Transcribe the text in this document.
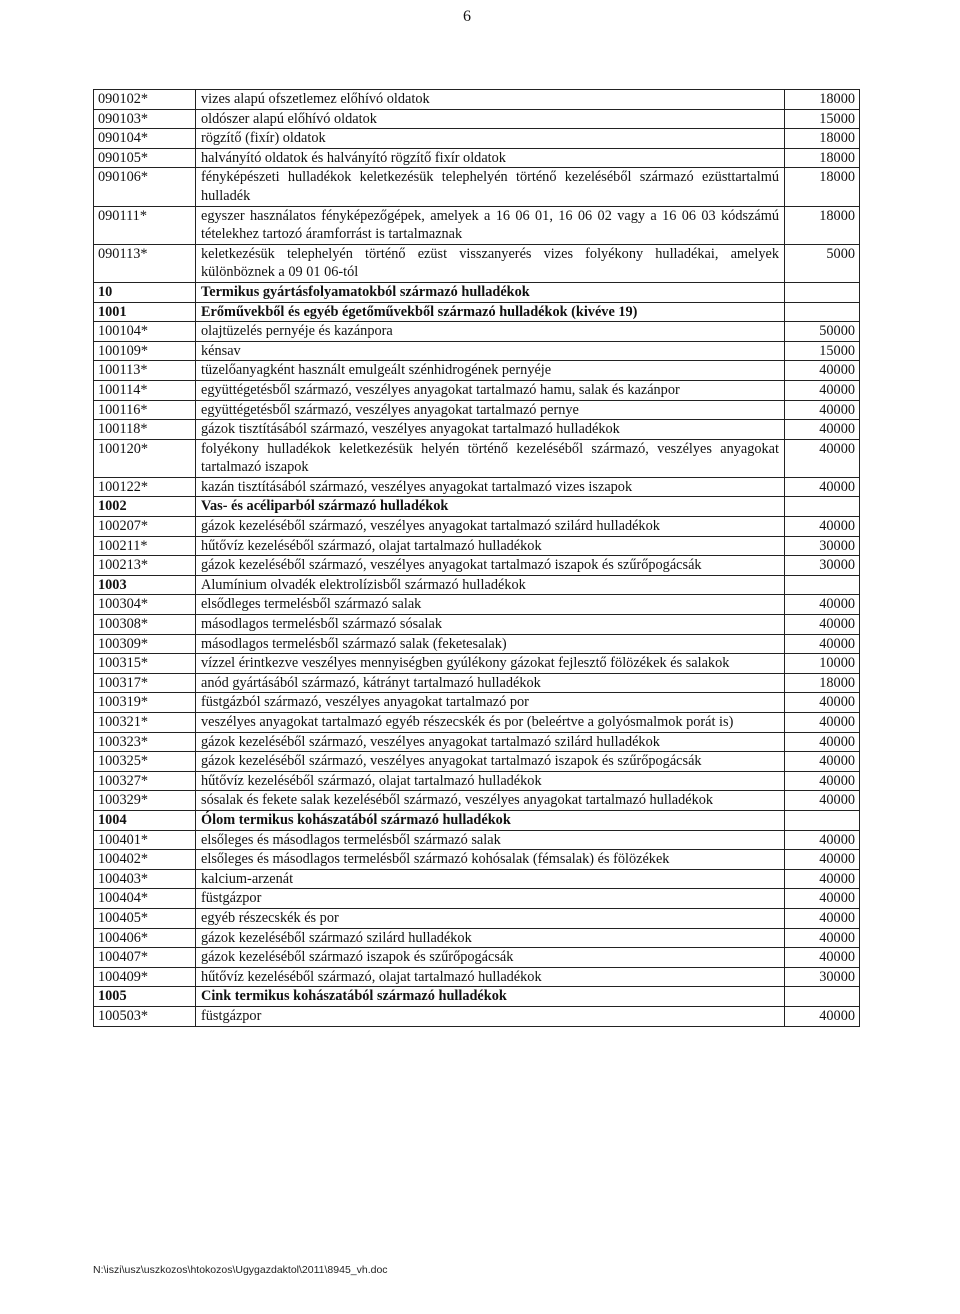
6
090102*	vizes alapú ofszetlemez előhívó oldatok	18000
090103*	oldószer alapú előhívó oldatok	15000
090104*	rögzítő (fixír) oldatok	18000
090105*	halványító oldatok és halványító rögzítő fixír oldatok	18000
090106*	fényképészeti hulladékok keletkezésük telephelyén történő kezeléséből származó ezüsttartalmú hulladék	18000
090111*	egyszer használatos fényképezőgépek, amelyek a 16 06 01, 16 06 02 vagy a 16 06 03 kódszámú tételekhez tartozó áramforrást is tartalmaznak	18000
090113*	keletkezésük telephelyén történő ezüst visszanyerés vizes folyékony hulladékai, amelyek különböznek a 09 01 06-tól	5000
10	Termikus gyártásfolyamatokból származó hulladékok	
1001	Erőművekből és egyéb égetőművekből származó hulladékok (kivéve 19)	
100104*	olajtüzelés pernyéje és kazánpora	50000
100109*	kénsav	15000
100113*	tüzelőanyagként használt emulgeált szénhidrogének pernyéje	40000
100114*	együttégetésből származó, veszélyes anyagokat tartalmazó hamu, salak és kazánpor	40000
100116*	együttégetésből származó, veszélyes anyagokat tartalmazó pernye	40000
100118*	gázok tisztításából származó, veszélyes anyagokat tartalmazó hulladékok	40000
100120*	folyékony hulladékok keletkezésük helyén történő kezeléséből származó, veszélyes anyagokat tartalmazó iszapok	40000
100122*	kazán tisztításából származó, veszélyes anyagokat tartalmazó vizes iszapok	40000
1002	Vas- és acéliparból származó hulladékok	
100207*	gázok kezeléséből származó, veszélyes anyagokat tartalmazó szilárd hulladékok	40000
100211*	hűtővíz kezeléséből származó, olajat tartalmazó hulladékok	30000
100213*	gázok kezeléséből származó, veszélyes anyagokat tartalmazó iszapok és szűrőpogácsák	30000
1003	Alumínium olvadék elektrolízisből származó hulladékok	
100304*	elsődleges termelésből származó salak	40000
100308*	másodlagos termelésből származó sósalak	40000
100309*	másodlagos termelésből származó salak (feketesalak)	40000
100315*	vízzel érintkezve veszélyes mennyiségben gyúlékony gázokat fejlesztő fölözékek és salakok	10000
100317*	anód gyártásából származó, kátrányt tartalmazó hulladékok	18000
100319*	füstgázból származó, veszélyes anyagokat tartalmazó por	40000
100321*	veszélyes anyagokat tartalmazó egyéb részecskék és por (beleértve a golyósmalmok porát is)	40000
100323*	gázok kezeléséből származó, veszélyes anyagokat tartalmazó szilárd hulladékok	40000
100325*	gázok kezeléséből származó, veszélyes anyagokat tartalmazó iszapok és szűrőpogácsák	40000
100327*	hűtővíz kezeléséből származó, olajat tartalmazó hulladékok	40000
100329*	sósalak és fekete salak kezeléséből származó, veszélyes anyagokat tartalmazó hulladékok	40000
1004	Ólom termikus kohászatából származó hulladékok	
100401*	elsőleges és másodlagos termelésből származó salak	40000
100402*	elsőleges és másodlagos termelésből származó kohósalak (fémsalak) és fölözékek	40000
100403*	kalcium-arzenát	40000
100404*	füstgázpor	40000
100405*	egyéb részecskék és por	40000
100406*	gázok kezeléséből származó szilárd hulladékok	40000
100407*	gázok kezeléséből származó iszapok és szűrőpogácsák	40000
100409*	hűtővíz kezeléséből származó, olajat tartalmazó hulladékok	30000
1005	Cink termikus kohászatából származó hulladékok	
100503*	füstgázpor	40000
N:\iszi\usz\uszkozos\htokozos\Ugygazdaktol\2011\8945_vh.doc
